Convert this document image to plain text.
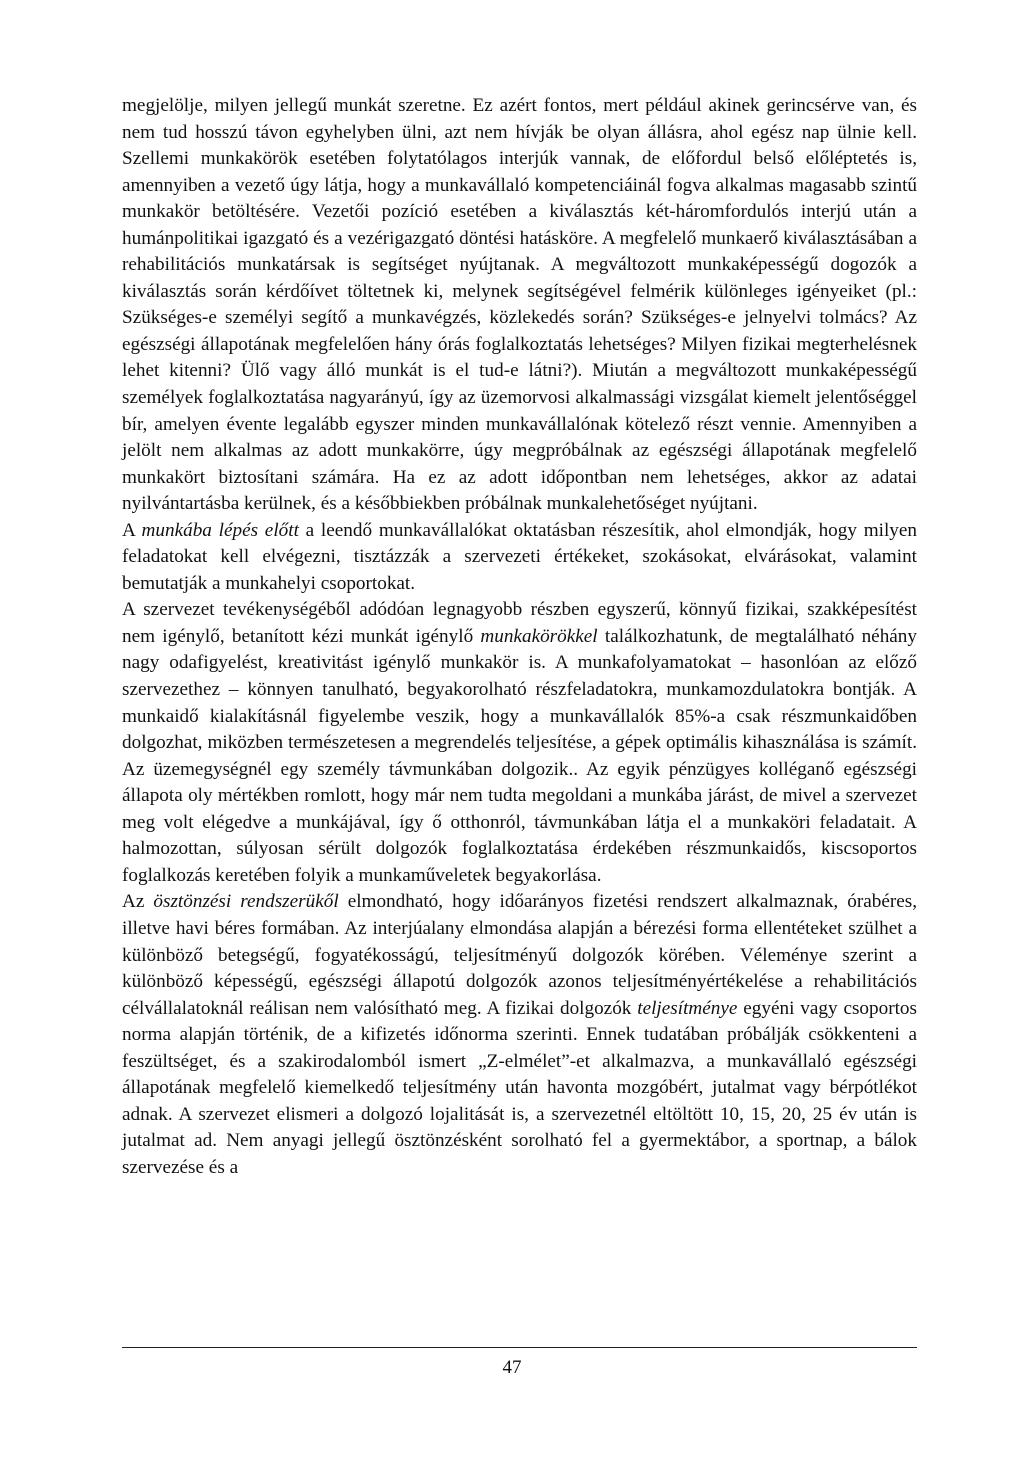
megjelölje, milyen jellegű munkát szeretne. Ez azért fontos, mert például akinek gerincsérve van, és nem tud hosszú távon egyhelyben ülni, azt nem hívják be olyan állásra, ahol egész nap ülnie kell. Szellemi munkakörök esetében folytatólagos interjúk vannak, de előfordul belső előléptetés is, amennyiben a vezető úgy látja, hogy a munkavállaló kompetenciáinál fogva alkalmas magasabb szintű munkakör betöltésére. Vezetői pozíció esetében a kiválasztás két-háromfordulós interjú után a humánpolitikai igazgató és a vezérigazgató döntési hatásköre. A megfelelő munkaerő kiválasztásában a rehabilitációs munkatársak is segítséget nyújtanak. A megváltozott munkaképességű dogozók a kiválasztás során kérdőívet töltetnek ki, melynek segítségével felmérik különleges igényeiket (pl.: Szükséges-e személyi segítő a munkavégzés, közlekedés során? Szükséges-e jelnyelvi tolmács? Az egészségi állapotának megfelelően hány órás foglalkoztatás lehetséges? Milyen fizikai megterhelésnek lehet kitenni? Ülő vagy álló munkát is el tud-e látni?). Miután a megváltozott munkaképességű személyek foglalkoztatása nagyarányú, így az üzemorvosi alkalmassági vizsgálat kiemelt jelentőséggel bír, amelyen évente legalább egyszer minden munkavállalónak kötelező részt vennie. Amennyiben a jelölt nem alkalmas az adott munkakörre, úgy megpróbálnak az egészségi állapotának megfelelő munkakört biztosítani számára. Ha ez az adott időpontban nem lehetséges, akkor az adatai nyilvántartásba kerülnek, és a későbbiekben próbálnak munkalehetőséget nyújtani.

A munkába lépés előtt a leendő munkavállalókat oktatásban részesítik, ahol elmondják, hogy milyen feladatokat kell elvégezni, tisztázzák a szervezeti értékeket, szokásokat, elvárásokat, valamint bemutatják a munkahelyi csoportokat.

A szervezet tevékenységéből adódóan legnagyobb részben egyszerű, könnyű fizikai, szakképesítést nem igénylő, betanított kézi munkát igénylő munkakörökkel találkozhatunk, de megtalálható néhány nagy odafigyelést, kreativitást igénylő munkakör is. A munkafolyamatokat – hasonlóan az előző szervezethez – könnyen tanulható, begyakorolható részfeladatokra, munkamozdulatokra bontják. A munkaidő kialakításnál figyelembe veszik, hogy a munkavállalók 85%-a csak részmunkaidőben dolgozhat, miközben természetesen a megrendelés teljesítése, a gépek optimális kihasználása is számít. Az üzemegységnél egy személy távmunkában dolgozik.. Az egyik pénzügyes kolléganő egészségi állapota oly mértékben romlott, hogy már nem tudta megoldani a munkába járást, de mivel a szervezet meg volt elégedve a munkájával, így ő otthonról, távmunkában látja el a munkaköri feladatait. A halmozottan, súlyosan sérült dolgozók foglalkoztatása érdekében részmunkaidős, kiscsoportos foglalkozás keretében folyik a munkaműveletek begyakorlása.

Az ösztönzési rendszerükől elmondható, hogy időarányos fizetési rendszert alkalmaznak, órabéres, illetve havi béres formában. Az interjúalany elmondása alapján a bérezési forma ellentéteket szülhet a különböző betegségű, fogyatékosságú, teljesítményű dolgozók körében. Véleménye szerint a különböző képességű, egészségi állapotú dolgozók azonos teljesítményértékelése a rehabilitációs célvállalatoknál reálisan nem valósítható meg. A fizikai dolgozók teljesítménye egyéni vagy csoportos norma alapján történik, de a kifizetés időnorma szerinti. Ennek tudatában próbálják csökkenteni a feszültséget, és a szakirodalomból ismert „Z-elmélet”-et alkalmazva, a munkavállaló egészségi állapotának megfelelő kiemelkedő teljesítmény után havonta mozgóbért, jutalmat vagy bérpótlékot adnak. A szervezet elismeri a dolgozó lojalitását is, a szervezetnél eltöltött 10, 15, 20, 25 év után is jutalmat ad. Nem anyagi jellegű ösztönzésként sorolható fel a gyermektábor, a sportnap, a bálok szervezése és a

47
